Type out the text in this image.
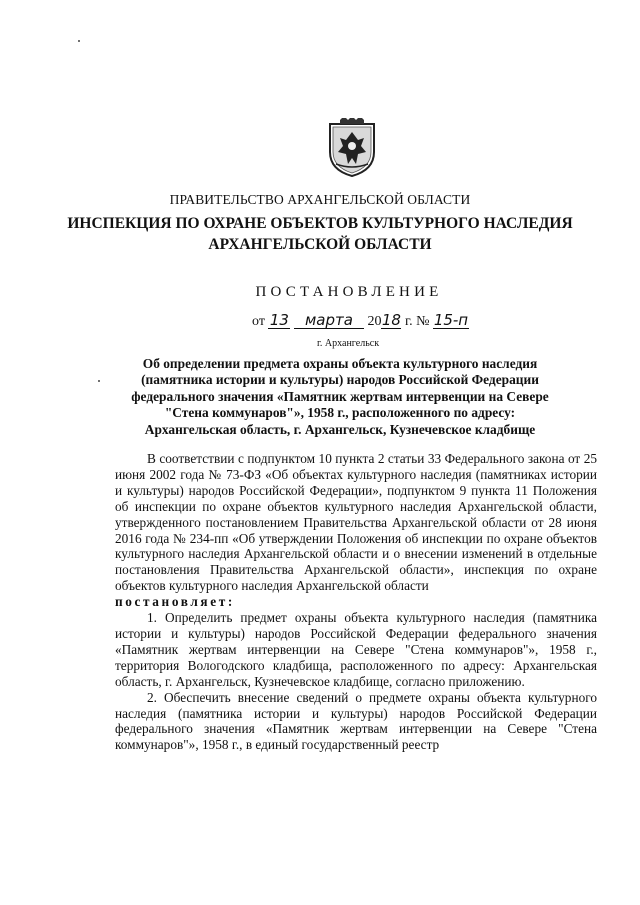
ПРАВИТЕЛЬСТВО АРХАНГЕЛЬСКОЙ ОБЛАСТИ
ИНСПЕКЦИЯ ПО ОХРАНЕ ОБЪЕКТОВ КУЛЬТУРНОГО НАСЛЕДИЯ
АРХАНГЕЛЬСКОЙ ОБЛАСТИ
ПОСТАНОВЛЕНИЕ
от 13 марта 2018 г. № 15-п
г. Архангельск
Об определении предмета охраны объекта культурного наследия
(памятника истории и культуры) народов Российской Федерации
федерального значения «Памятник жертвам интервенции на Севере
"Стена коммунаров"», 1958 г., расположенного по адресу:
Архангельская область, г. Архангельск, Кузнечевское кладбище

В соответствии с подпунктом 10 пункта 2 статьи 33 Федерального закона от 25 июня 2002 года № 73-ФЗ «Об объектах культурного наследия (памятниках истории и культуры) народов Российской Федерации», подпунктом 9 пункта 11 Положения об инспекции по охране объектов культурного наследия Архангельской области, утвержденного постановлением Правительства Архангельской области от 28 июня 2016 года № 234-пп «Об утверждении Положения об инспекции по охране объектов культурного наследия Архангельской области и о внесении изменений в отдельные постановления Правительства Архангельской области», инспекция по охране объектов культурного наследия Архангельской области

постановляет:

1. Определить предмет охраны объекта культурного наследия (памятника истории и культуры) народов Российской Федерации федерального значения «Памятник жертвам интервенции на Севере "Стена коммунаров"», 1958 г., территория Вологодского кладбища, расположенного по адресу: Архангельская область, г. Архангельск, Кузнечевское кладбище, согласно приложению.

2. Обеспечить внесение сведений о предмете охраны объекта культурного наследия (памятника истории и культуры) народов Российской Федерации федерального значения «Памятник жертвам интервенции на Севере "Стена коммунаров"», 1958 г., в единый государственный реестр
